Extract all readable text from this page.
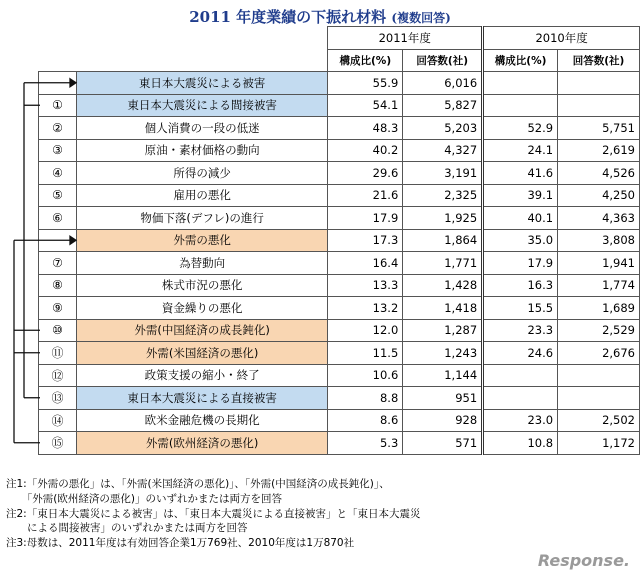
2011 年度業績の下振れ材料 (複数回答)
		2011年度		2010年度	
		構成比(%)	回答数(社)	構成比(%)	回答数(社)
	東日本大震災による被害	55.9	6,016		
①	東日本大震災による間接被害	54.1	5,827		
②	個人消費の一段の低迷	48.3	5,203	52.9	5,751
③	原油・素材価格の動向	40.2	4,327	24.1	2,619
④	所得の減少	29.6	3,191	41.6	4,526
⑤	雇用の悪化	21.6	2,325	39.1	4,250
⑥	物価下落(デフレ)の進行	17.9	1,925	40.1	4,363
	外需の悪化	17.3	1,864	35.0	3,808
⑦	為替動向	16.4	1,771	17.9	1,941
⑧	株式市況の悪化	13.3	1,428	16.3	1,774
⑨	資金繰りの悪化	13.2	1,418	15.5	1,689
⑩	外需(中国経済の成長鈍化)	12.0	1,287	23.3	2,529
⑪	外需(米国経済の悪化)	11.5	1,243	24.6	2,676
⑫	政策支援の縮小・終了	10.6	1,144		
⑬	東日本大震災による直接被害	8.8	951		
⑭	欧米金融危機の長期化	8.6	928	23.0	2,502
⑮	外需(欧州経済の悪化)	5.3	571	10.8	1,172
注1:「外需の悪化」は、「外需(米国経済の悪化)」、「外需(中国経済の成長鈍化)」、
　　「外需(欧州経済の悪化)」のいずれかまたは両方を回答
注2:「東日本大震災による被害」は、「東日本大震災による直接被害」と「東日本大震災
　　による間接被害」のいずれかまたは両方を回答
注3:母数は、2011年度は有効回答企業1万769社、2010年度は1万870社
Response.
